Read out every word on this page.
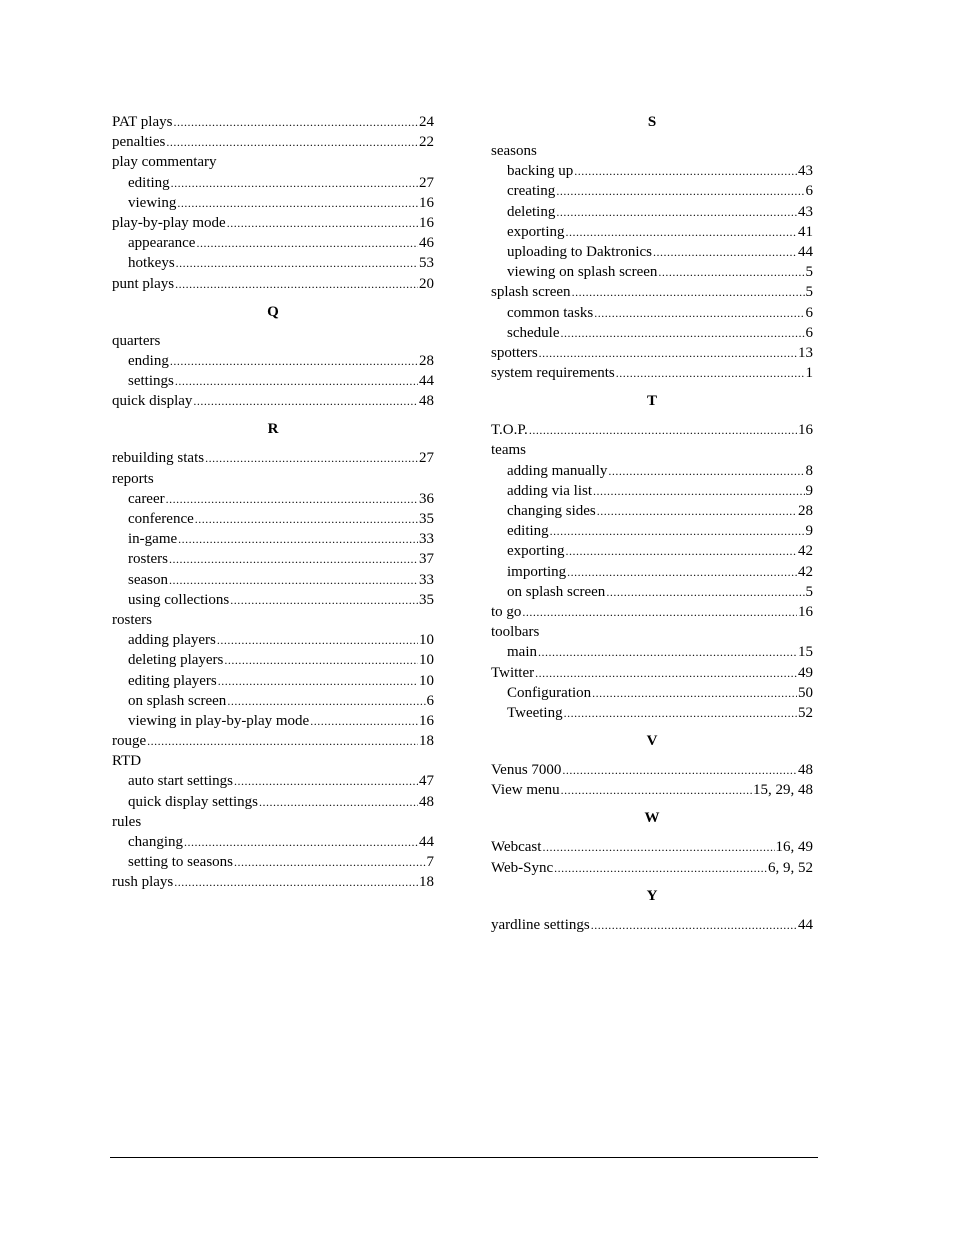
PAT plays .....	24
penalties .....	22
play commentary
editing .....	27
viewing .....	16
play-by-play mode .....	16
appearance .....	46
hotkeys .....	53
punt plays .....	20
Q
quarters
ending .....	28
settings .....	44
quick display .....	48
R
rebuilding stats .....	27
reports
career .....	36
conference .....	35
in-game .....	33
rosters .....	37
season .....	33
using collections .....	35
rosters
adding players .....	10
deleting players .....	10
editing players .....	10
on splash screen .....	6
viewing in play-by-play mode .....	16
rouge .....	18
RTD
auto start settings .....	47
quick display settings .....	48
rules
changing .....	44
setting to seasons .....	7
rush plays .....	18
S
seasons
backing up .....	43
creating .....	6
deleting .....	43
exporting .....	41
uploading to Daktronics .....	44
viewing on splash screen .....	5
splash screen .....	5
common tasks .....	6
schedule .....	6
spotters .....	13
system requirements .....	1
T
T.O.P. .....	16
teams
adding manually .....	8
adding via list .....	9
changing sides .....	28
editing .....	9
exporting .....	42
importing .....	42
on splash screen .....	5
to go .....	16
toolbars
main .....	15
Twitter .....	49
Configuration .....	50
Tweeting .....	52
V
Venus 7000 .....	48
View menu .....	15, 29, 48
W
Webcast .....	16, 49
Web-Sync .....	6, 9, 52
Y
yardline settings .....	44
